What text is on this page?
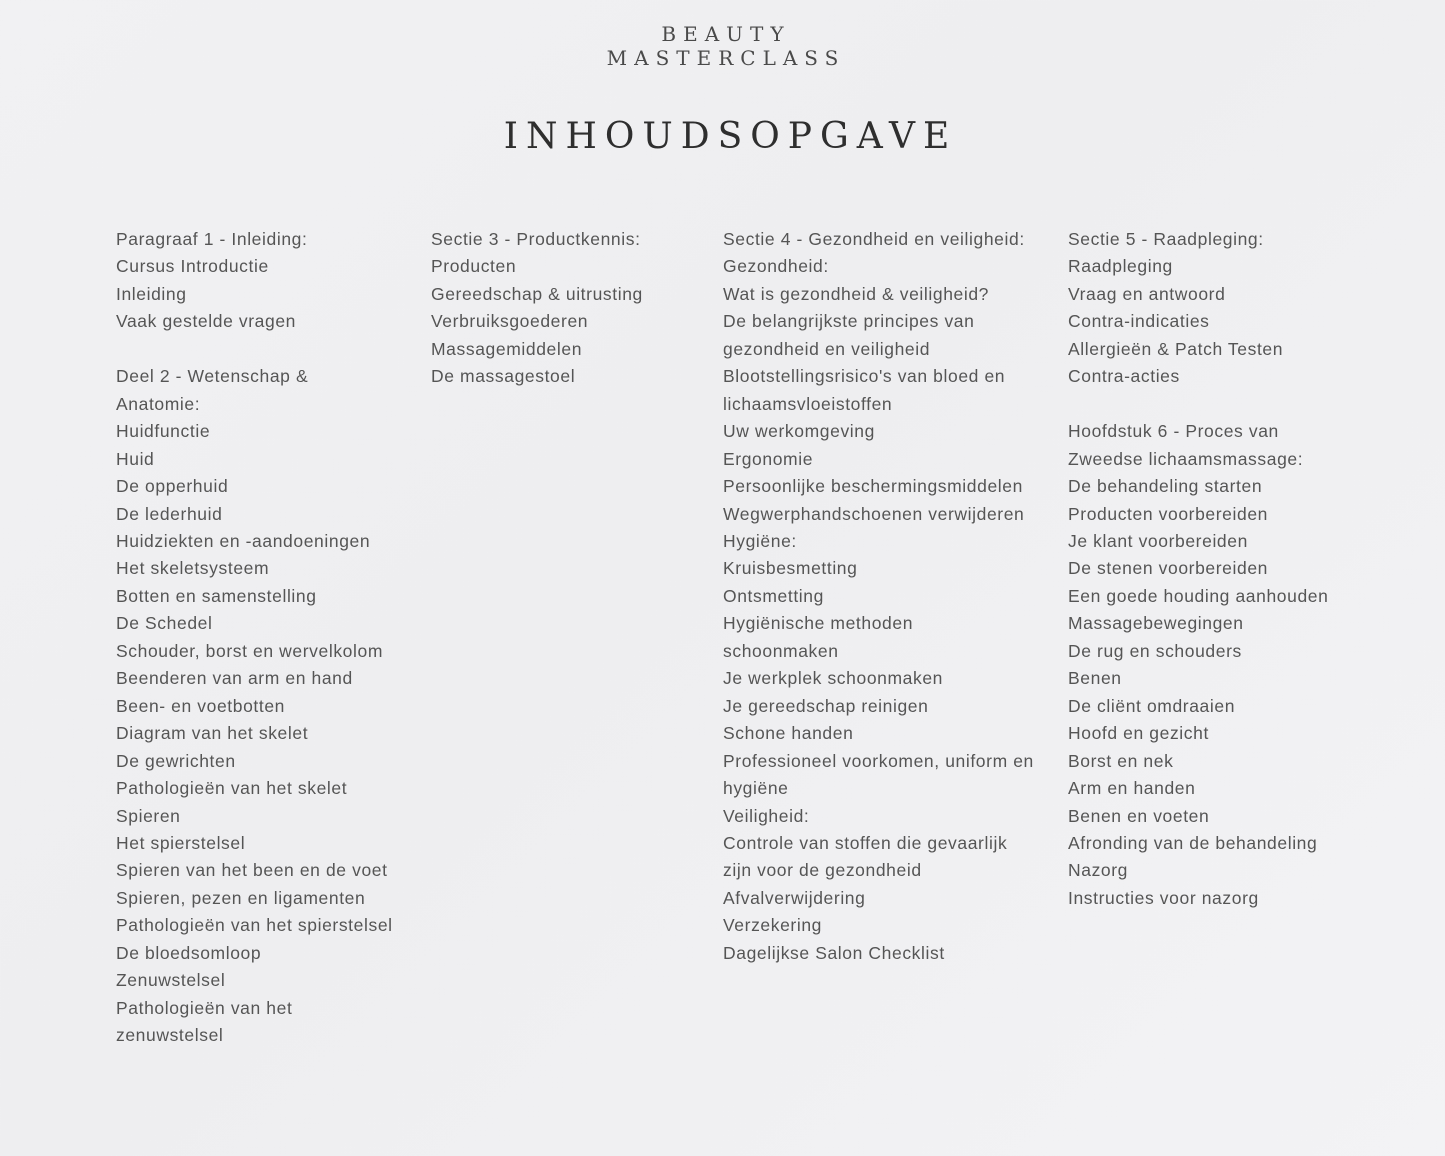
BEAUTY
MASTERCLASS
INHOUDSOPGAVE
Paragraaf 1 - Inleiding:
Cursus Introductie
Inleiding
Vaak gestelde vragen
Deel 2 - Wetenschap &
Anatomie:
Huidfunctie
Huid
De opperhuid
De lederhuid
Huidziekten en -aandoeningen
Het skeletsysteem
Botten en samenstelling
De Schedel
Schouder, borst en wervelkolom
Beenderen van arm en hand
Been- en voetbotten
Diagram van het skelet
De gewrichten
Pathologieën van het skelet
Spieren
Het spierstelsel
Spieren van het been en de voet
Spieren, pezen en ligamenten
Pathologieën van het spierstelsel
De bloedsomloop
Zenuwstelsel
Pathologieën van het
zenuwstelsel
Sectie 3 - Productkennis:
Producten
Gereedschap & uitrusting
Verbruiksgoederen
Massagemiddelen
De massagestoel
Sectie 4 - Gezondheid en veiligheid:
Gezondheid:
Wat is gezondheid & veiligheid?
De belangrijkste principes van
gezondheid en veiligheid
Blootstellingsrisico's van bloed en
lichaamsvloeistoffen
Uw werkomgeving
Ergonomie
Persoonlijke beschermingsmiddelen
Wegwerphandschoenen verwijderen
Hygiëne:
Kruisbesmetting
Ontsmetting
Hygiënische methoden
schoonmaken
Je werkplek schoonmaken
Je gereedschap reinigen
Schone handen
Professioneel voorkomen, uniform en
hygiëne
Veiligheid:
Controle van stoffen die gevaarlijk
zijn voor de gezondheid
Afvalverwijdering
Verzekering
Dagelijkse Salon Checklist
Sectie 5 - Raadpleging:
Raadpleging
Vraag en antwoord
Contra-indicaties
Allergieën & Patch Testen
Contra-acties
Hoofdstuk 6 - Proces van
Zweedse lichaamsmassage:
De behandeling starten
Producten voorbereiden
Je klant voorbereiden
De stenen voorbereiden
Een goede houding aanhouden
Massagebewegingen
De rug en schouders
Benen
De cliënt omdraaien
Hoofd en gezicht
Borst en nek
Arm en handen
Benen en voeten
Afronding van de behandeling
Nazorg
Instructies voor nazorg
